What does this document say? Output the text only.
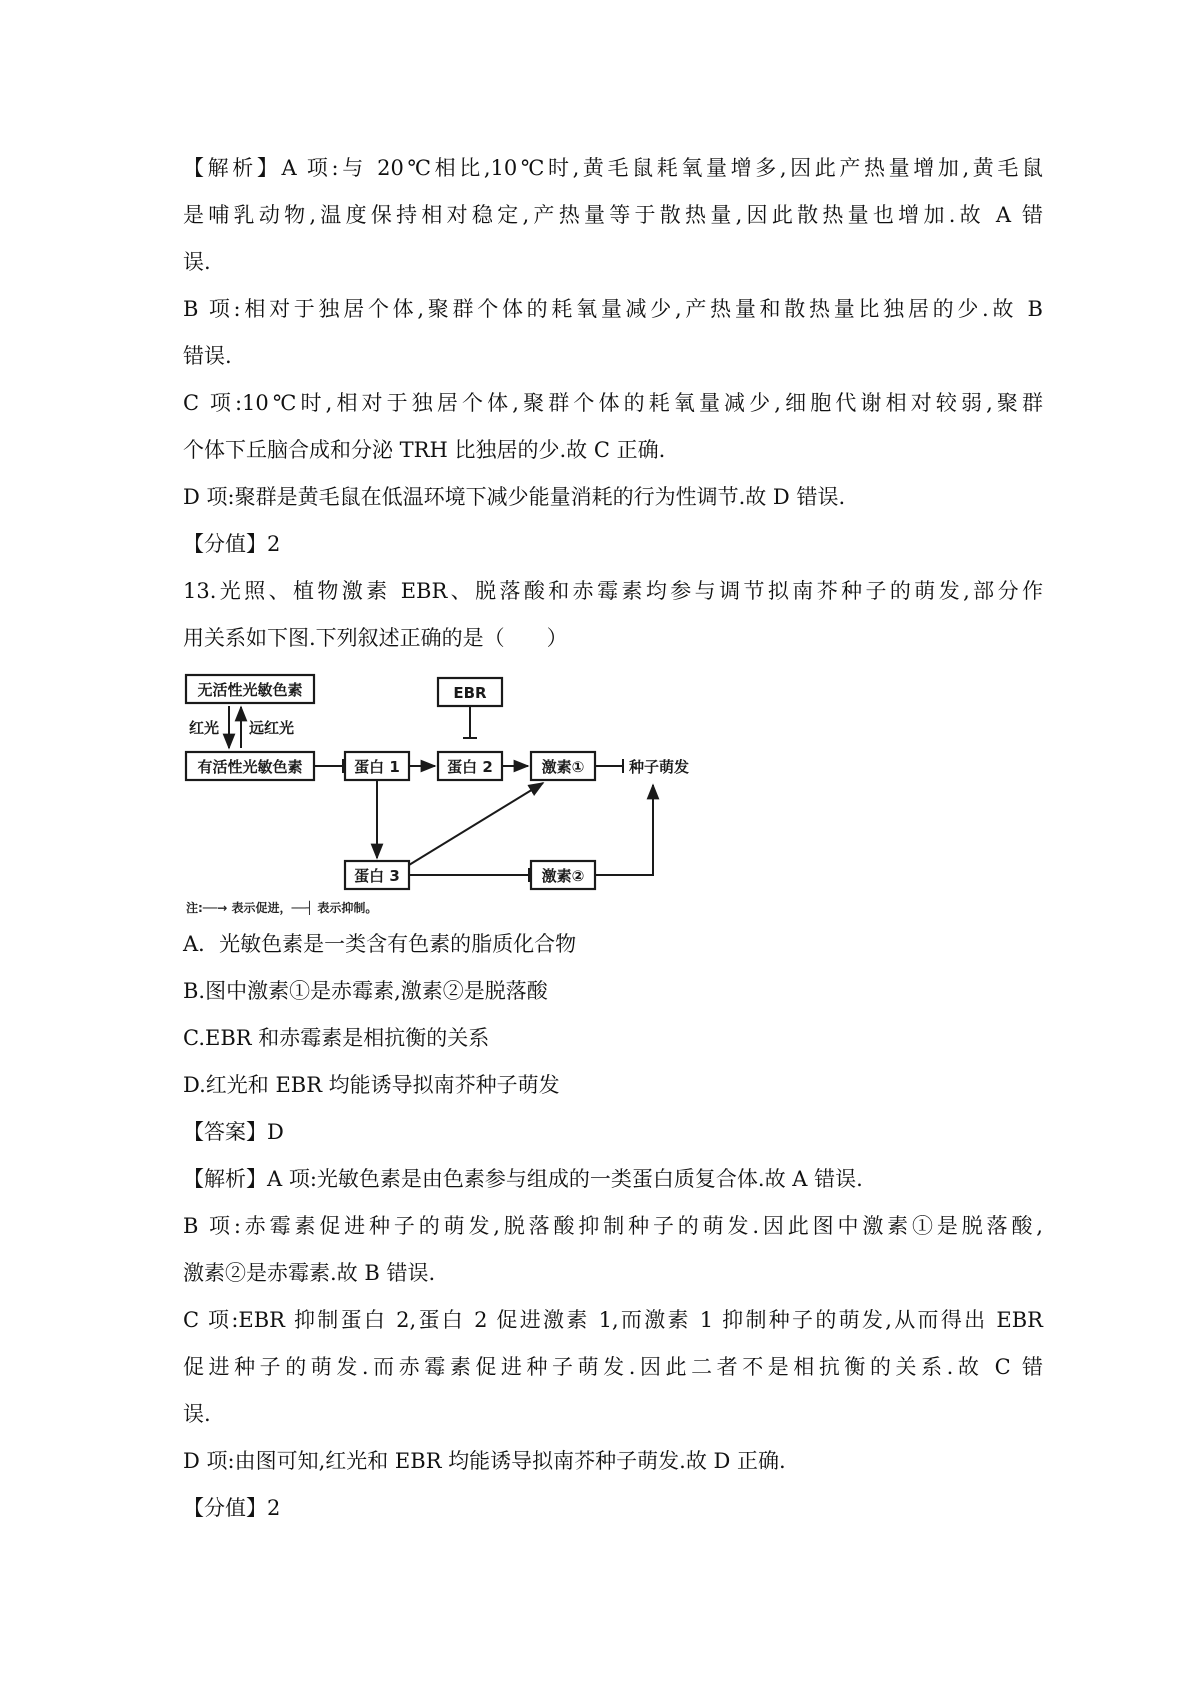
【解析】A 项:与 20℃相比,10℃时,黄毛鼠耗氧量增多,因此产热量增加,黄毛鼠
是哺乳动物,温度保持相对稳定,产热量等于散热量,因此散热量也增加.故 A 错
误.
B 项:相对于独居个体,聚群个体的耗氧量减少,产热量和散热量比独居的少.故 B
错误.
C 项:10℃时,相对于独居个体,聚群个体的耗氧量减少,细胞代谢相对较弱,聚群
个体下丘脑合成和分泌 TRH 比独居的少.故 C 正确.
D 项:聚群是黄毛鼠在低温环境下减少能量消耗的行为性调节.故 D 错误.
【分值】2
13.光照、植物激素 EBR、脱落酸和赤霉素均参与调节拟南芥种子的萌发,部分作
用关系如下图.下列叙述正确的是（　　）
无活性光敏色素
有活性光敏色素
EBR
蛋白 1	蛋白 2	激素①
蛋白 3	激素②
种子萌发
红光 远红光
注:──→ 表示促进，──┤ 表示抑制。
A．光敏色素是一类含有色素的脂质化合物
B.图中激素①是赤霉素,激素②是脱落酸
C.EBR 和赤霉素是相抗衡的关系
D.红光和 EBR 均能诱导拟南芥种子萌发
【答案】D
【解析】A 项:光敏色素是由色素参与组成的一类蛋白质复合体.故 A 错误.
B 项:赤霉素促进种子的萌发,脱落酸抑制种子的萌发.因此图中激素①是脱落酸,
激素②是赤霉素.故 B 错误.
C 项:EBR 抑制蛋白 2,蛋白 2 促进激素 1,而激素 1 抑制种子的萌发,从而得出 EBR
促进种子的萌发.而赤霉素促进种子萌发.因此二者不是相抗衡的关系.故 C 错
误.
D 项:由图可知,红光和 EBR 均能诱导拟南芥种子萌发.故 D 正确.
【分值】2
